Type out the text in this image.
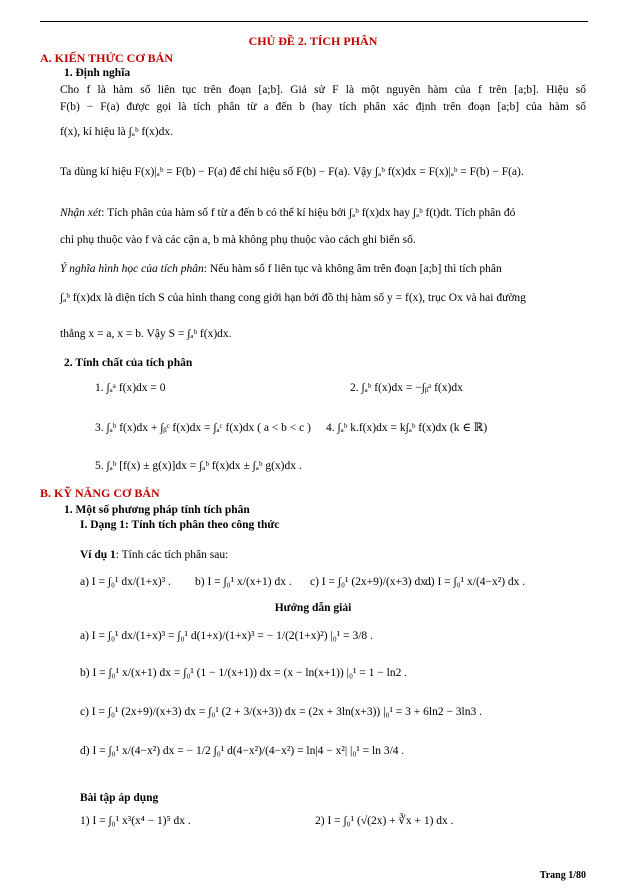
CHỦ ĐỀ 2. TÍCH PHÂN
A. KIẾN THỨC CƠ BẢN
1. Định nghĩa
Cho f là hàm số liên tục trên đoạn [a;b]. Giả sử F là một nguyên hàm của f trên [a;b]. Hiệu số
F(b) − F(a) được gọi là tích phân từ a đến b (hay tích phân xác định trên đoạn [a;b] của hàm số
f(x), kí hiệu là ∫ₐᵇ f(x)dx.
Ta dùng kí hiệu F(x)|ₐᵇ = F(b) − F(a) để chỉ hiệu số F(b) − F(a). Vậy ∫ₐᵇ f(x)dx = F(x)|ₐᵇ = F(b) − F(a).
Nhận xét: Tích phân của hàm số f từ a đến b có thể kí hiệu bởi ∫ₐᵇ f(x)dx hay ∫ₐᵇ f(t)dt. Tích phân đó
chỉ phụ thuộc vào f và các cận a, b mà không phụ thuộc vào cách ghi biến số.
Ý nghĩa hình học của tích phân: Nếu hàm số f liên tục và không âm trên đoạn [a;b] thì tích phân
∫ₐᵇ f(x)dx là diện tích S của hình thang cong giới hạn bởi đồ thị hàm số y = f(x), trục Ox và hai đường
thẳng x = a, x = b. Vậy S = ∫ₐᵇ f(x)dx.
2. Tính chất của tích phân
1. ∫ₐᵃ f(x)dx = 0	2. ∫ₐᵇ f(x)dx = −∫ᵦᵃ f(x)dx
3. ∫ₐᵇ f(x)dx + ∫ᵦᶜ f(x)dx = ∫ₐᶜ f(x)dx ( a < b < c ) 4. ∫ₐᵇ k.f(x)dx = k∫ₐᵇ f(x)dx (k ∈ ℝ)
5. ∫ₐᵇ [f(x) ± g(x)]dx = ∫ₐᵇ f(x)dx ± ∫ₐᵇ g(x)dx .
B. KỸ NĂNG CƠ BẢN
1. Một số phương pháp tính tích phân
I. Dạng 1: Tính tích phân theo công thức
Ví dụ 1: Tính các tích phân sau:
a) I = ∫₀¹ dx/(1+x)³ . b) I = ∫₀¹ x/(x+1) dx . c) I = ∫₀¹ (2x+9)/(x+3) dx .
d) I = ∫₀¹ x/(4−x²) dx .
Hướng dẫn giải
a) I = ∫₀¹ dx/(1+x)³ = ∫₀¹ d(1+x)/(1+x)³ = − 1/(2(1+x)²) |₀¹ = 3/8 .
b) I = ∫₀¹ x/(x+1) dx = ∫₀¹ (1 − 1/(x+1)) dx = (x − ln(x+1)) |₀¹ = 1 − ln2 .
c) I = ∫₀¹ (2x+9)/(x+3) dx = ∫₀¹ (2 + 3/(x+3)) dx = (2x + 3ln(x+3)) |₀¹ = 3 + 6ln2 − 3ln3 .
d) I = ∫₀¹ x/(4−x²) dx = − 1/2 ∫₀¹ d(4−x²)/(4−x²) = ln|4 − x²| |₀¹ = ln 3/4 .
Bài tập áp dụng
1) I = ∫₀¹ x³(x⁴ − 1)⁵ dx .	2) I = ∫₀¹ (√(2x) + ∛x + 1) dx .
Trang 1/80
